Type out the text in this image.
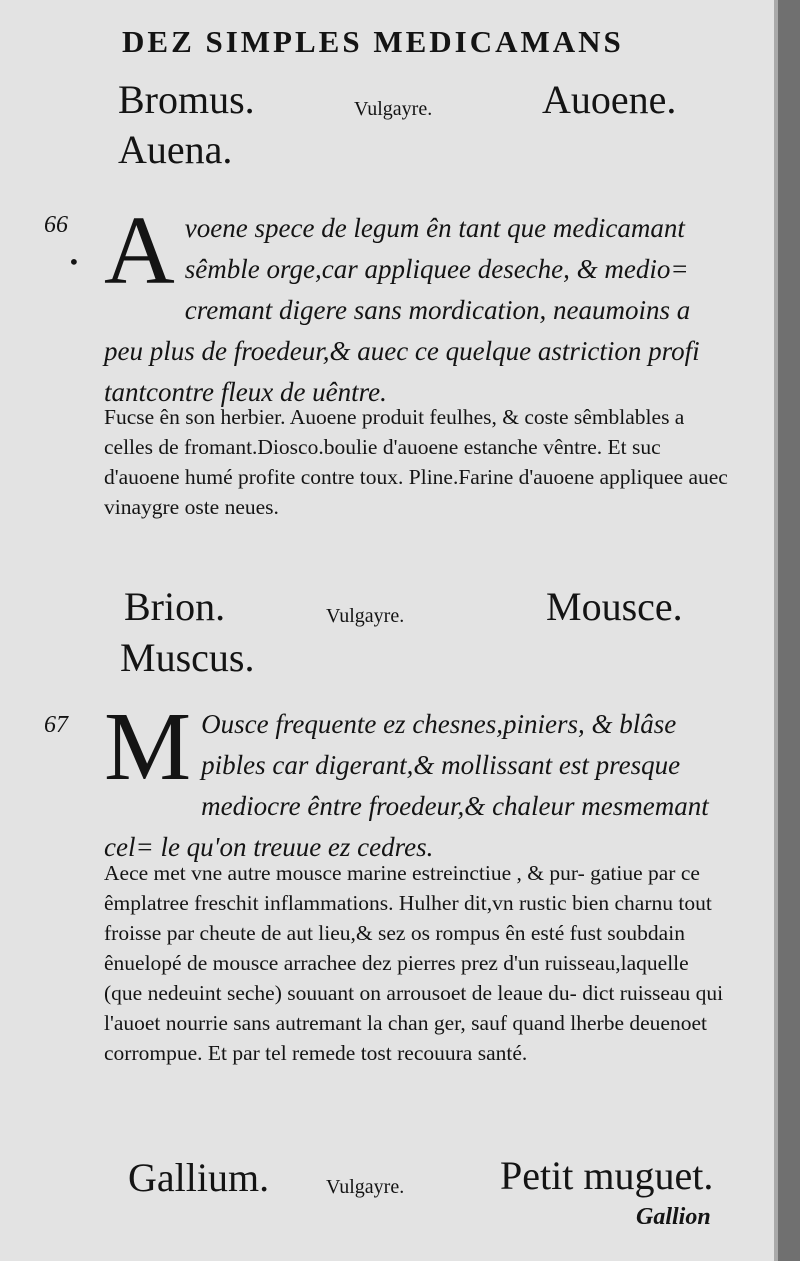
DEZ SIMPLES MEDICAMANS
Bromus.	Vulgayre.	Auoene.
Auena.
66
• Avoene spece de legum ên tant que medicamant sêmble orge,car appliquee deseche, & medio= cremant digere sans mordication, neaumoins a peu plus de froedeur,& auec ce quelque astriction profi tantcontre fleux de uêntre.
Fucse ên son herbier. Auoene produit feulhes, & coste sêmblables a celles de fromant.Diosco.boulie d'auoene estanche vêntre. Et suc d'auoene humé profite contre toux. Pline.Farine d'auoene appliquee auec vinaygre oste neues.
Brion.	Vulgayre.	Mousce.
Muscus.
67 M Ousce frequente ez chesnes,piniers, & blâse pibles car digerant,& mollissant est presque mediocre êntre froedeur,& chaleur mesmemant cel= le qu'on treuue ez cedres.
Aece met vne autre mousce marine estreinctiue , & pur- gatiue par ce êmplatree freschit inflammations. Hulher dit,vn rustic bien charnu tout froisse par cheute de aut lieu,& sez os rompus ên esté fust soubdain ênuelopé de mousce arrachee dez pierres prez d'un ruisseau,laquelle (que nedeuint seche) souuant on arrousoet de leaue du- dict ruisseau qui l'auoet nourrie sans autremant la chan ger, sauf quand lherbe deuenoet corrompue. Et par tel remede tost recouura santé.
Gallium.	Vulgayre. Petit muguet.
Gallion
